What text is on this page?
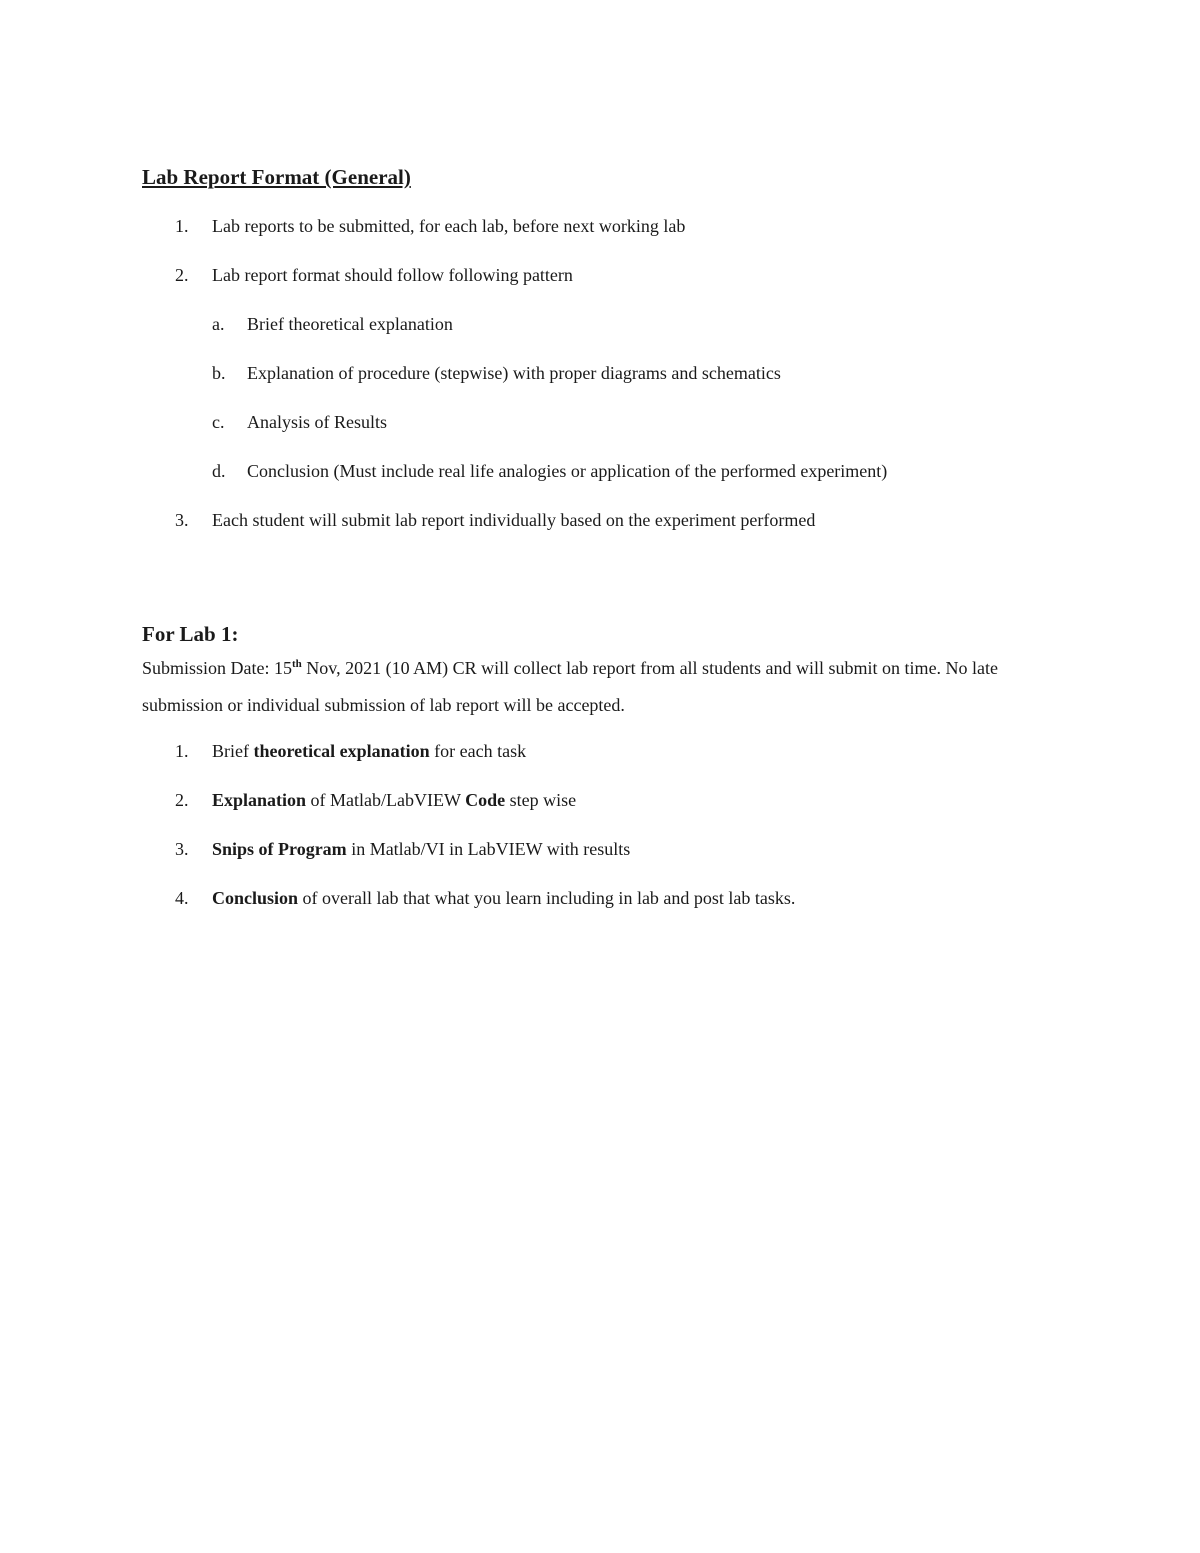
Lab Report Format (General)
1.	Lab reports to be submitted, for each lab, before next working lab
2.	Lab report format should follow following pattern
a.	Brief theoretical explanation
b.	Explanation of procedure (stepwise) with proper diagrams and schematics
c.	Analysis of Results
d.	Conclusion (Must include real life analogies or application of the performed experiment)
3.	Each student will submit lab report individually based on the experiment performed
For Lab 1:

Submission Date: 15th Nov, 2021 (10 AM) CR will collect lab report from all students and will submit on time. No late submission or individual submission of lab report will be accepted.

1.	Brief theoretical explanation for each task
2.	Explanation of Matlab/LabVIEW Code step wise
3.	Snips of Program in Matlab/VI in LabVIEW with results
4.	Conclusion of overall lab that what you learn including in lab and post lab tasks.
